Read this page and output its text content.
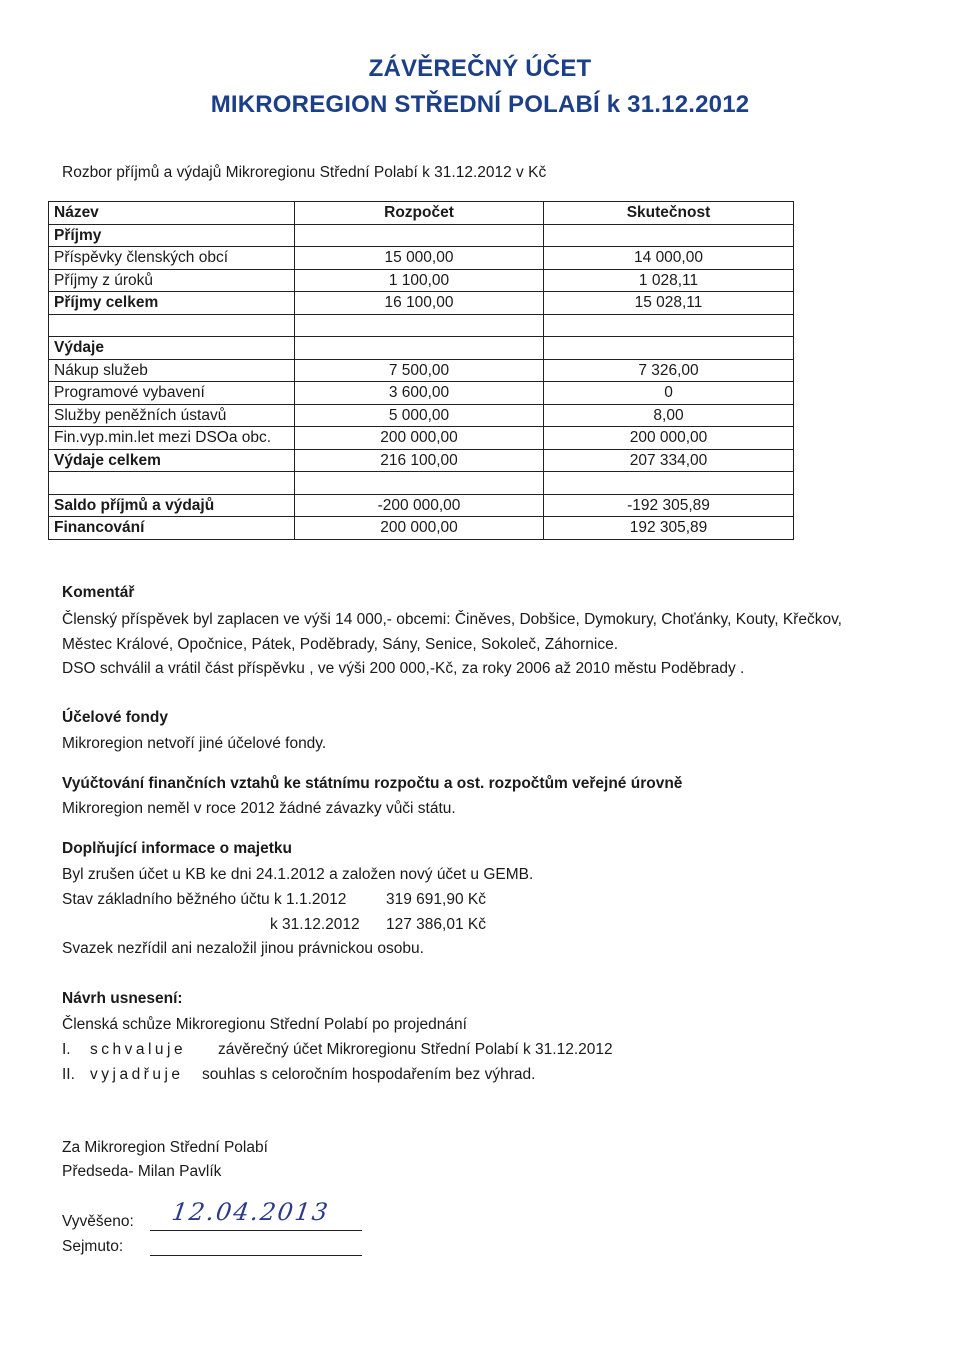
ZÁVĚREČNÝ ÚČET
MIKROREGION STŘEDNÍ POLABÍ k 31.12.2012
Rozbor příjmů a výdajů Mikroregionu Střední Polabí k 31.12.2012 v Kč
Název	Rozpočet	Skutečnost
Příjmy		
Příspěvky členských obcí	15 000,00	14 000,00
Příjmy z úroků	1 100,00	1 028,11
Příjmy celkem	16 100,00	15 028,11

Výdaje		
Nákup služeb	7 500,00	7 326,00
Programové vybavení	3 600,00	0
Služby peněžních ústavů	5 000,00	8,00
Fin.vyp.min.let mezi DSOa obc.	200 000,00	200 000,00
Výdaje celkem	216 100,00	207 334,00

Saldo příjmů a výdajů	-200 000,00	-192 305,89
Financování	200 000,00	192 305,89
Komentář
Členský příspěvek byl zaplacen ve výši 14 000,- obcemi: Činěves, Dobšice, Dymokury, Choťánky, Kouty, Křečkov,
Městec Králové, Opočnice, Pátek, Poděbrady, Sány, Senice, Sokoleč, Záhornice.
DSO schválil a vrátil část příspěvku , ve výši 200 000,-Kč, za roky 2006 až 2010 městu Poděbrady .
Účelové fondy
Mikroregion netvoří jiné účelové fondy.
Vyúčtování finančních vztahů ke státnímu rozpočtu a ost. rozpočtům veřejné úrovně
Mikroregion neměl v roce 2012 žádné závazky vůči státu.
Doplňující informace o majetku
Byl zrušen účet u KB ke dni 24.1.2012 a založen nový účet u GEMB.
Stav základního běžného účtu k 1.1.2012	319 691,90 Kč
k 31.12.2012 127 386,01 Kč
Svazek nezřídil ani nezaložil jinou právnickou osobu.
Návrh usnesení:
Členská schůze Mikroregionu Střední Polabí po projednání
I. schvaluje závěrečný účet Mikroregionu Střední Polabí k 31.12.2012
II. vyjadřuje souhlas s celoročním hospodařením bez výhrad.
Za Mikroregion Střední Polabí
Předseda- Milan Pavlík
Vyvěšeno: 12.04.2013
Sejmuto:
